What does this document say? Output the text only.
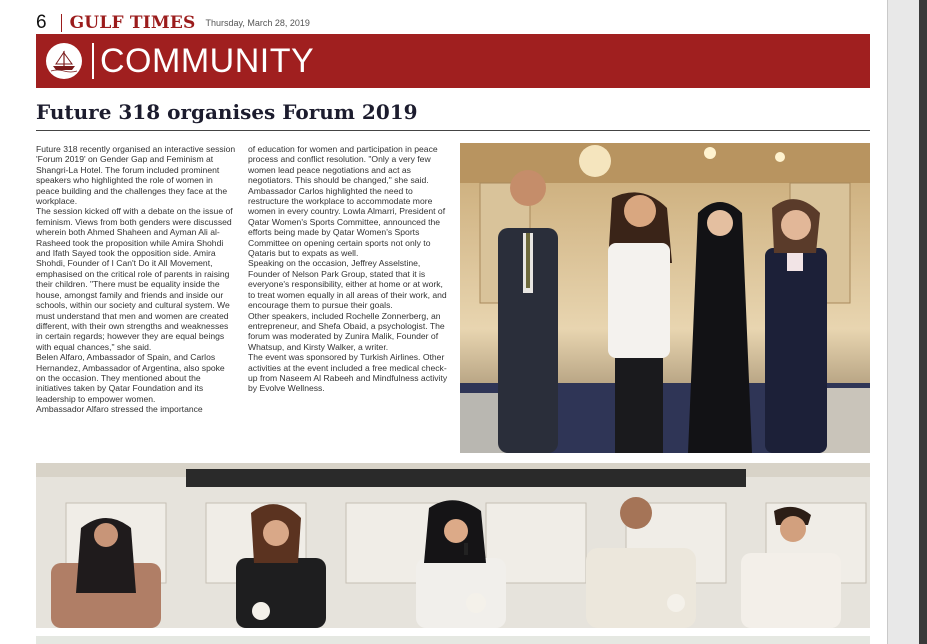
6 GULF TIMES Thursday, March 28, 2019
COMMUNITY
Future 318 organises Forum 2019

Future 318 recently organised an interactive session 'Forum 2019' on Gender Gap and Feminism at Shangri-La Hotel. The forum included prominent speakers who highlighted the role of women in peace building and the challenges they face at the workplace.

The session kicked off with a debate on the issue of feminism. Views from both genders were discussed wherein both Ahmed Shaheen and Ayman Ali al-Rasheed took the proposition while Amira Shohdi and Ifath Sayed took the opposition side. Amira Shohdi, Founder of I Can't Do it All Movement, emphasised on the critical role of parents in raising their children. "There must be equality inside the house, amongst family and friends and inside our schools, within our society and cultural system. We must understand that men and women are created different, with their own strengths and weaknesses in certain regards; however they are equal beings with equal chances," she said.

Belen Alfaro, Ambassador of Spain, and Carlos Hernandez, Ambassador of Argentina, also spoke on the occasion. They mentioned about the initiatives taken by Qatar Foundation and its leadership to empower women.

Ambassador Alfaro stressed the importance

of education for women and participation in peace process and conflict resolution. "Only a very few women lead peace negotiations and act as negotiators. This should be changed," she said.

Ambassador Carlos highlighted the need to restructure the workplace to accommodate more women in every country. Lowla Almarri, President of Qatar Women's Sports Committee, announced the efforts being made by Qatar Women's Sports Committee on opening certain sports not only to Qataris but to expats as well.

Speaking on the occasion, Jeffrey Asselstine, Founder of Nelson Park Group, stated that it is everyone's responsibility, either at home or at work, to treat women equally in all areas of their work, and encourage them to pursue their goals.

Other speakers, included Rochelle Zonnerberg, an entrepreneur, and Shefa Obaid, a psychologist. The forum was moderated by Zunira Malik, Founder of Whatsup, and Kirsty Walker, a writer.

The event was sponsored by Turkish Airlines. Other activities at the event included a free medical check-up from Naseem Al Rabeeh and Mindfulness activity by Evolve Wellness.
